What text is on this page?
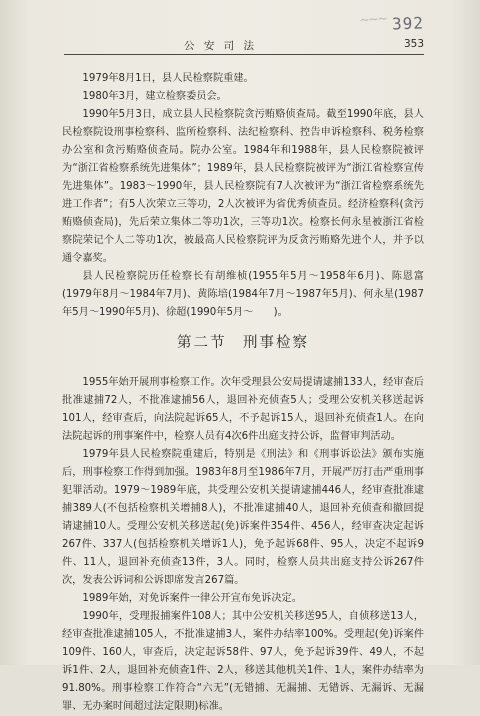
~~~ 392
公 安 司 法	353

1979年8月1日，县人民检察院重建。

1980年3月，建立检察委员会。

1990年5月3日，成立县人民检察院贪污贿赂侦查局。截至1990年底，县人民检察院设刑事检察科、监所检察科、法纪检察科、控告申诉检察科、税务检察办公室和贪污贿赂侦查局。院办公室。1984年和1988年，县人民检察院被评为“浙江省检察系统先进集体”；1989年，县人民检察院被评为“浙江省检察宣传先进集体”。1983～1990年，县人民检察院有7人次被评为“浙江省检察系统先进工作者”；有5人次荣立三等功，2人次被评为省优秀侦查员。经济检察科(贪污贿赂侦查局)，先后荣立集体二等功1次，三等功1次。检察长何永星被浙江省检察院荣记个人二等功1次，被最高人民检察院评为反贪污贿赂先进个人，并予以通令嘉奖。

县人民检察院历任检察长有胡维桢(1955年5月～1958年6月)、陈恩富(1979年8月～1984年7月)、黄陈培(1984年7月～1987年5月)、何永星(1987年5月～1990年5月)、徐超(1990年5月～　　)。

第二节　刑事检察

1955年始开展刑事检察工作。次年受理县公安局提请逮捕133人，经审查后批准逮捕72人，不批准逮捕56人，退回补充侦查5人；受理公安机关移送起诉101人，经审查后，向法院起诉65人，不予起诉15人，退回补充侦查1人。在向法院起诉的刑事案件中，检察人员有4次6件出庭支持公诉，监督审判活动。

1979年县人民检察院重建后，特别是《刑法》和《刑事诉讼法》颁布实施后，刑事检察工作得到加强。1983年8月至1986年7月，开展严厉打击严重刑事犯罪活动。1979～1989年底，共受理公安机关提请逮捕446人，经审查批准逮捕389人(不包括检察机关增捕8人)，不批准逮捕40人，退回补充侦查和撤回提请逮捕10人。受理公安机关移送起(免)诉案件354件、456人，经审查决定起诉267件、337人(包括检察机关增诉1人)，免予起诉68件、95人，决定不起诉9件、11人，退回补充侦查13件，3人。同时，检察人员共出庭支持公诉267件次，发表公诉词和公诉即席发言267篇。

1989年始，对免诉案件一律公开宣布免诉决定。

1990年，受理报捕案件108人；其中公安机关移送95人，自侦移送13人，经审查批准逮捕105人，不批准逮捕3人，案件办结率100%。受理起(免)诉案件109件、160人，审查后，决定起诉58件、97人，免予起诉39件、49人，不起诉1件、2人，退回补充侦查1件、2人，移送其他机关1件、1人，案件办结率为91.80%。刑事检察工作符合“六无”(无错捕、无漏捕、无错诉、无漏诉、无漏罪、无办案时间超过法定限期)标准。
